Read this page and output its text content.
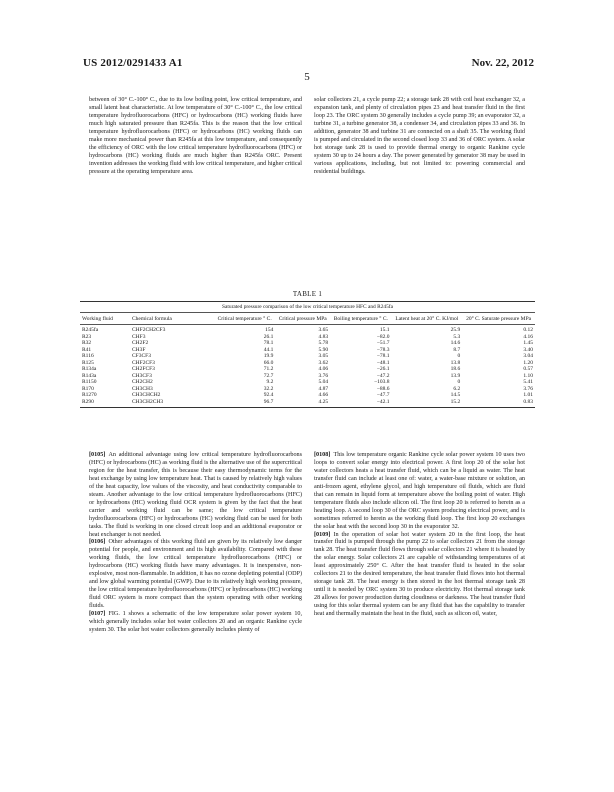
US 2012/0291433 A1	Nov. 22, 2012
5

between of 30° C.-100° C., due to its low boiling point, low critical temperature, and small latent heat characteristic. At low temperature of 30° C.-100° C., the low critical temperature hydrofluorocarbons (HFC) or hydrocarbons (HC) working fluids have much high saturated pressure than R245fa. This is the reason that the low critical temperature hydrofluorocarbons (HFC) or hydrocarbons (HC) working fluids can make more mechanical power than R245fa at this low temperature, and consequently the efficiency of ORC with the low critical temperature hydrofluorocarbons (HFC) or hydrocarbons (HC) working fluids are much higher than R245fa ORC. Present invention addresses the working fluid with low critical temperature, and higher critical pressure at the operating temperature area.

solar collectors 21, a cycle pump 22; a storage tank 28 with coil heat exchanger 32, a expansion tank, and plenty of circulation pipes 23 and heat transfer fluid in the first loop 23. The ORC system 30 generally includes a cycle pump 39; an evaporator 32, a turbine 31, a turbine generator 38, a condenser 34, and circulation pipes 33 and 36. In addition, generator 38 and turbine 31 are connected on a shaft 35. The working fluid is pumped and circulated in the second closed loop 33 and 36 of ORC system. A solar hot storage tank 28 is used to provide thermal energy to organic Rankine cycle system 30 up to 24 hours a day. The power generated by generator 38 may be used in various applications, including, but not limited to: powering commercial and residential buildings.

TABLE 1
Saturated pressure comparison of the low critical temperature HFC and R245fa
Working fluid	Chemical formula	Critical temperature ° C.	Critical pressure MPa	Boiling temperature ° C.	Latent heat at 20° C. KJ/mol	20° C. Saturate pressure MPa
R245fa	CHF2CH2CF3	154	3.65	15.1	25.9	0.12
R23	CHF3	26.1	4.83	−82.0	5.3	4.16
R32	CH2F2	78.1	5.78	−51.7	14.6	1.45
R41	CH3F	44.1	5.90	−78.3	8.7	3.40
R116	CF3CF3	19.9	3.05	−78.1	0	3.04
R125	CHF2CF3	66.0	3.62	−48.1	13.8	1.20
R134a	CH2FCF3	71.2	4.06	−26.1	18.6	0.57
R143a	CH3CF3	72.7	3.76	−47.2	13.9	1.10
R1150	CH2CH2	9.2	5.04	−103.8	0	5.41
R170	CH3CH3	32.2	4.87	−88.6	6.2	3.76
R1270	CH3CHCH2	92.4	4.66	−47.7	14.5	1.01
R290	CH3CH2CH3	96.7	4.25	−42.1	15.2	0.83

[0105]  An additional advantage using low critical temperature hydrofluorocarbons (HFC) or hydrocarbons (HC) as working fluid is the alternative use of the supercritical region for the heat transfer, this is because their easy thermodynamic terms for the heat exchange by using low temperature heat. That is caused by relatively high values of the heat capacity, low values of the viscosity, and heat conductivity comparable to steam. Another advantage to the low critical temperature hydrofluorocarbons (HFC) or hydrocarbons (HC) working fluid OCR system is given by the fact that the heat carrier and working fluid can be same; the low critical temperature hydrofluorocarbons (HFC) or hydrocarbons (HC) working fluid can be used for both tasks. The fluid is working in one closed circuit loop and an additional evaporator or heat exchanger is not needed.

[0106]  Other advantages of this working fluid are given by its relatively low danger potential for people, and environment and its high availability. Compared with these working fluids, the low critical temperature hydrofluorocarbons (HFC) or hydrocarbons (HC) working fluids have many advantages. It is inexpensive, non-explosive, most non-flammable. In addition, it has no ozone depleting potential (ODP) and low global warming potential (GWP). Due to its relatively high working pressure, the low critical temperature hydrofluorocarbons (HFC) or hydrocarbons (HC) working fluid ORC system is more compact than the system operating with other working fluids.

[0107]  FIG. 1 shows a schematic of the low temperature solar power system 10, which generally includes solar hot water collectors 20 and an organic Rankine cycle system 30. The solar hot water collectors generally includes plenty of

[0108]  This low temperature organic Rankine cycle solar power system 10 uses two loops to convert solar energy into electrical power. A first loop 20 of the solar hot water collectors heats a heat transfer fluid, which can be a liquid as water. The heat transfer fluid can include at least one of: water, a water-base mixture or solution, an anti-frozen agent, ethylene glycol, and high temperature oil fluids, which are fluid that can remain in liquid form at temperature above the boiling point of water. High temperature fluids also include silicon oil. The first loop 20 is referred to herein as a heating loop. A second loop 30 of the ORC system producing electrical power, and is sometimes referred to herein as the working fluid loop. The first loop 20 exchanges the solar heat with the second loop 30 in the evaporator 32.

[0109]  In the operation of solar hot water system 20 in the first loop, the heat transfer fluid is pumped through the pump 22 to solar collectors 21 from the storage tank 28. The heat transfer fluid flows through solar collectors 21 where it is heated by the solar energy. Solar collectors 21 are capable of withstanding temperatures of at least approximately 250° C. After the heat transfer fluid is heated in the solar collectors 21 to the desired temperature, the heat transfer fluid flows into hot thermal storage tank 28. The heat energy is then stored in the hot thermal storage tank 28 until it is needed by ORC system 30 to produce electricity. Hot thermal storage tank 28 allows for power production during cloudiness or darkness. The heat transfer fluid using for this solar thermal system can be any fluid that has the capability to transfer heat and thermally maintain the heat in the fluid, such as silicon oil, water,
